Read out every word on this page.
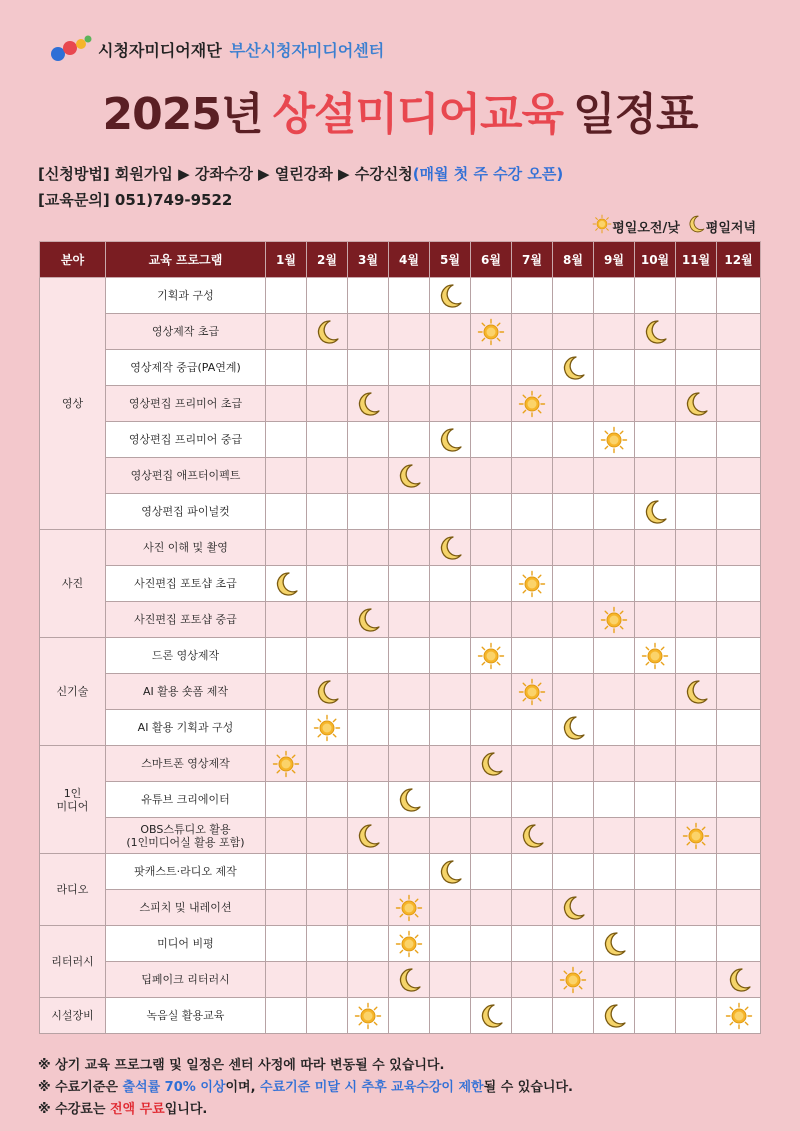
시청자미디어재단 부산시청자미디어센터
2025년 상설미디어교육 일정표
[신청방법] 회원가입 ▶ 강좌수강 ▶ 열린강좌 ▶ 수강신청(매월 첫 주 수강 오픈)
[교육문의] 051)749-9522
평일오전/낮 평일저녁
분야	교육 프로그램	1월	2월	3월	4월	5월	6월	7월	8월	9월	10월	11월	12월
영상	기획과 구성					

	영상제작 초급		

	영상제작 중급(PA연계)								

	영상편집 프리미어 초급			

	영상편집 프리미어 중급					

	영상편집 애프터이펙트				

	영상편집 파이널컷										

사진	사진 이해 및 촬영					

	사진편집 포토샵 초급	

	사진편집 포토샵 중급			

신기술	드론 영상제작						

	AI 활용 숏폼 제작		

	AI 활용 기획과 구성		

1인
미디어	스마트폰 영상제작	

	유튜브 크리에이터				

	OBS스튜디오 활용
(1인미디어실 활용 포함)			

라디오	팟캐스트·라디오 제작					

	스피치 및 내레이션				

리터러시	미디어 비평				

	딥페이크 리터러시				

시설장비	녹음실 활용교육			

※ 상기 교육 프로그램 및 일정은 센터 사정에 따라 변동될 수 있습니다.
※ 수료기준은 출석률 70% 이상이며, 수료기준 미달 시 추후 교육수강이 제한될 수 있습니다.
※ 수강료는 전액 무료입니다.
